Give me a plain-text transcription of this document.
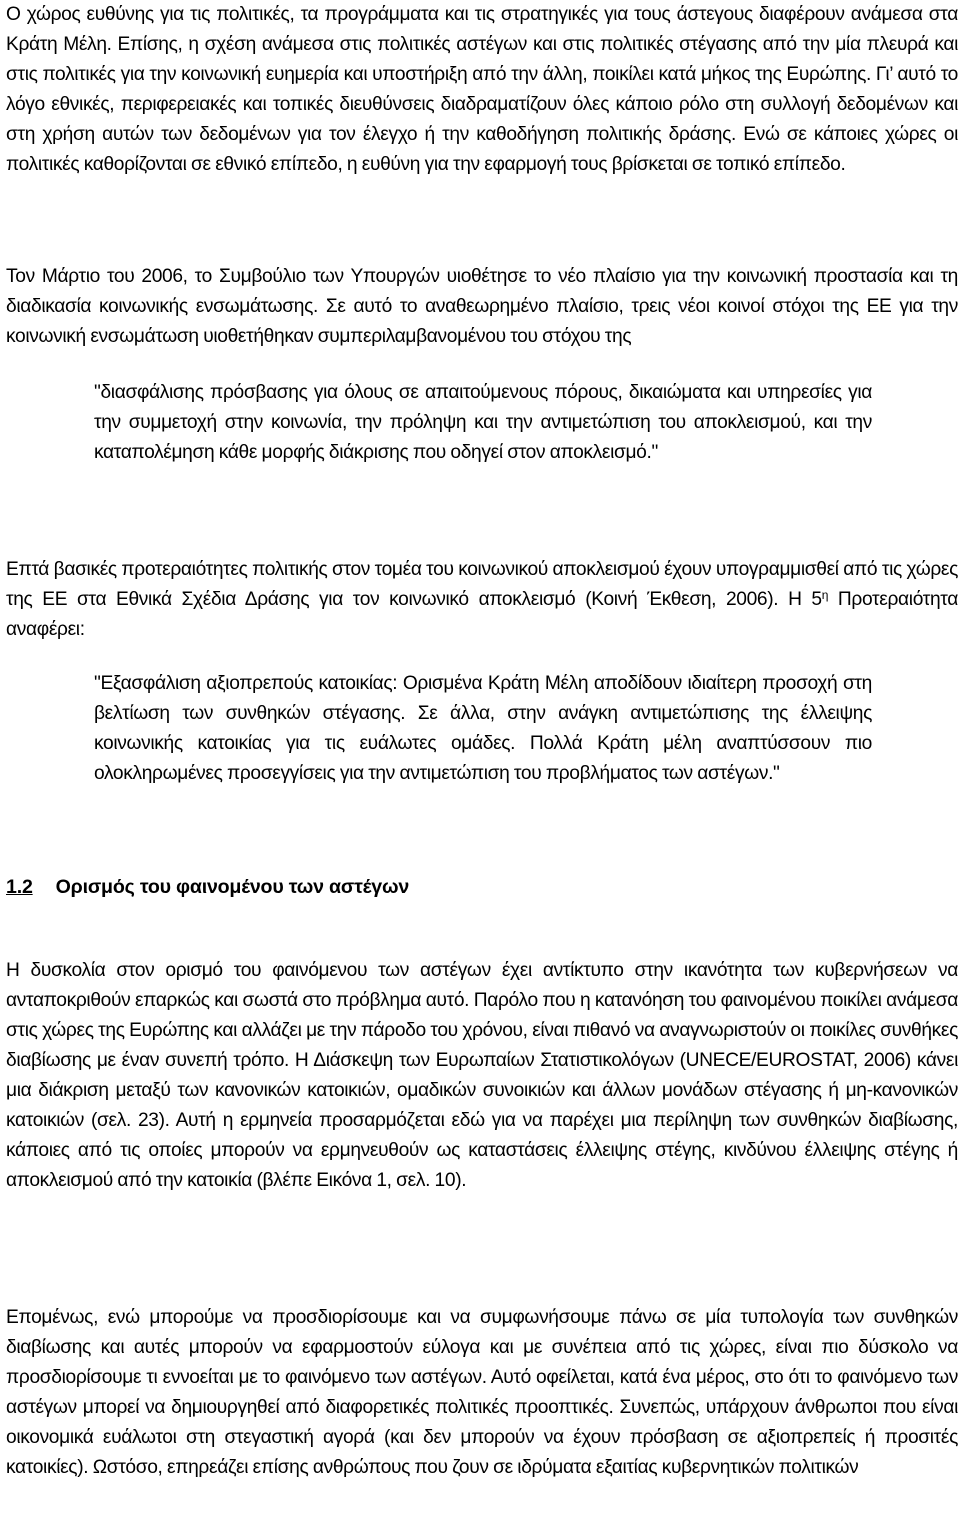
Ο χώρος ευθύνης για τις πολιτικές, τα προγράμματα και τις στρατηγικές για τους άστεγους διαφέρουν ανάμεσα στα Κράτη Μέλη. Επίσης, η σχέση ανάμεσα στις πολιτικές αστέγων και στις πολιτικές στέγασης από την μία πλευρά και στις πολιτικές για την κοινωνική ευημερία και υποστήριξη από την άλλη, ποικίλει κατά μήκος της Ευρώπης. Γι’ αυτό το λόγο εθνικές, περιφερειακές και τοπικές διευθύνσεις διαδραματίζουν όλες κάποιο ρόλο στη συλλογή δεδομένων και στη χρήση αυτών των δεδομένων για τον έλεγχο ή την καθοδήγηση πολιτικής δράσης. Ενώ σε κάποιες χώρες οι πολιτικές καθορίζονται σε εθνικό επίπεδο, η ευθύνη για την εφαρμογή τους βρίσκεται σε τοπικό επίπεδο.

Τον Μάρτιο του 2006, το Συμβούλιο των Υπουργών υιοθέτησε το νέο πλαίσιο για την κοινωνική προστασία και τη διαδικασία κοινωνικής ενσωμάτωσης. Σε αυτό το αναθεωρημένο πλαίσιο, τρεις νέοι κοινοί στόχοι της ΕΕ για την κοινωνική ενσωμάτωση υιοθετήθηκαν συμπεριλαμβανομένου του στόχου της

"διασφάλισης πρόσβασης για όλους σε απαιτούμενους πόρους, δικαιώματα και υπηρεσίες για την συμμετοχή στην κοινωνία, την πρόληψη και την αντιμετώπιση του αποκλεισμού, και την καταπολέμηση κάθε μορφής διάκρισης που οδηγεί στον αποκλεισμό."

Επτά βασικές προτεραιότητες πολιτικής στον τομέα του κοινωνικού αποκλεισμού έχουν υπογραμμισθεί από τις χώρες της ΕΕ στα Εθνικά Σχέδια Δράσης για τον κοινωνικό αποκλεισμό (Κοινή Έκθεση, 2006). Η $5^\eta$ Προτεραιότητα αναφέρει:

"Εξασφάλιση αξιοπρεπούς κατοικίας: Ορισμένα Κράτη Μέλη αποδίδουν ιδιαίτερη προσοχή στη βελτίωση των συνθηκών στέγασης. Σε άλλα, στην ανάγκη αντιμετώπισης της έλλειψης κοινωνικής κατοικίας για τις ευάλωτες ομάδες. Πολλά Κράτη μέλη αναπτύσσουν πιο ολοκληρωμένες προσεγγίσεις για την αντιμετώπιση του προβλήματος των αστέγων."

1.2 Ορισμός του φαινομένου των αστέγων

Η δυσκολία στον ορισμό του φαινόμενου των αστέγων έχει αντίκτυπο στην ικανότητα των κυβερνήσεων να ανταποκριθούν επαρκώς και σωστά στο πρόβλημα αυτό. Παρόλο που η κατανόηση του φαινομένου ποικίλει ανάμεσα στις χώρες της Ευρώπης και αλλάζει με την πάροδο του χρόνου, είναι πιθανό να αναγνωριστούν οι ποικίλες συνθήκες διαβίωσης με έναν συνεπή τρόπο. Η Διάσκεψη των Ευρωπαίων Στατιστικολόγων (UNECE/EUROSTAT, 2006) κάνει μια διάκριση μεταξύ των κανονικών κατοικιών, ομαδικών συνοικιών και άλλων μονάδων στέγασης ή μη-κανονικών κατοικιών (σελ. 23). Αυτή η ερμηνεία προσαρμόζεται εδώ για να παρέχει μια περίληψη των συνθηκών διαβίωσης, κάποιες από τις οποίες μπορούν να ερμηνευθούν ως καταστάσεις έλλειψης στέγης, κινδύνου έλλειψης στέγης ή αποκλεισμού από την κατοικία (βλέπε Εικόνα 1, σελ. 10).

Επομένως, ενώ μπορούμε να προσδιορίσουμε και να συμφωνήσουμε πάνω σε μία τυπολογία των συνθηκών διαβίωσης και αυτές μπορούν να εφαρμοστούν εύλογα και με συνέπεια από τις χώρες, είναι πιο δύσκολο να προσδιορίσουμε τι εννοείται με το φαινόμενο των αστέγων. Αυτό οφείλεται, κατά ένα μέρος, στο ότι το φαινόμενο των αστέγων μπορεί να δημιουργηθεί από διαφορετικές πολιτικές προοπτικές. Συνεπώς, υπάρχουν άνθρωποι που είναι οικονομικά ευάλωτοι στη στεγαστική αγορά (και δεν μπορούν να έχουν πρόσβαση σε αξιοπρεπείς ή προσιτές κατοικίες). Ωστόσο, επηρεάζει επίσης ανθρώπους που ζουν σε ιδρύματα εξαιτίας κυβερνητικών πολιτικών
